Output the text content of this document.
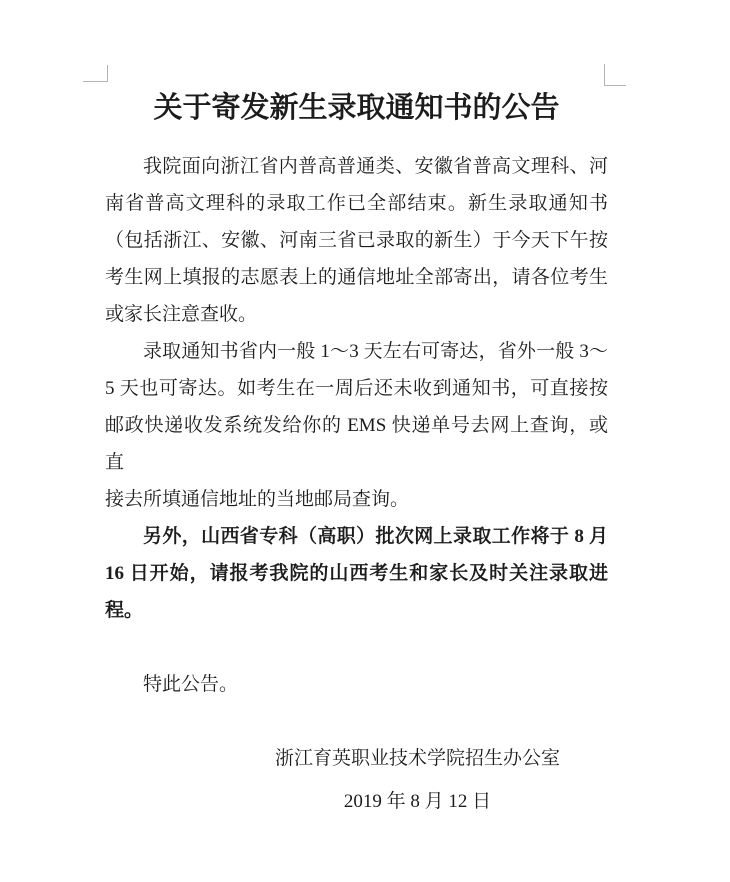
关于寄发新生录取通知书的公告
我院面向浙江省内普高普通类、安徽省普高文理科、河
南省普高文理科的录取工作已全部结束。新生录取通知书
（包括浙江、安徽、河南三省已录取的新生）于今天下午按
考生网上填报的志愿表上的通信地址全部寄出，请各位考生
或家长注意查收。
录取通知书省内一般 1～3 天左右可寄达，省外一般 3～
5 天也可寄达。如考生在一周后还未收到通知书，可直接按
邮政快递收发系统发给你的 EMS 快递单号去网上查询，或直
接去所填通信地址的当地邮局查询。
另外，山西省专科（高职）批次网上录取工作将于 8 月
16 日开始，请报考我院的山西考生和家长及时关注录取进
程。
特此公告。
浙江育英职业技术学院招生办公室
2019 年 8 月 12 日
